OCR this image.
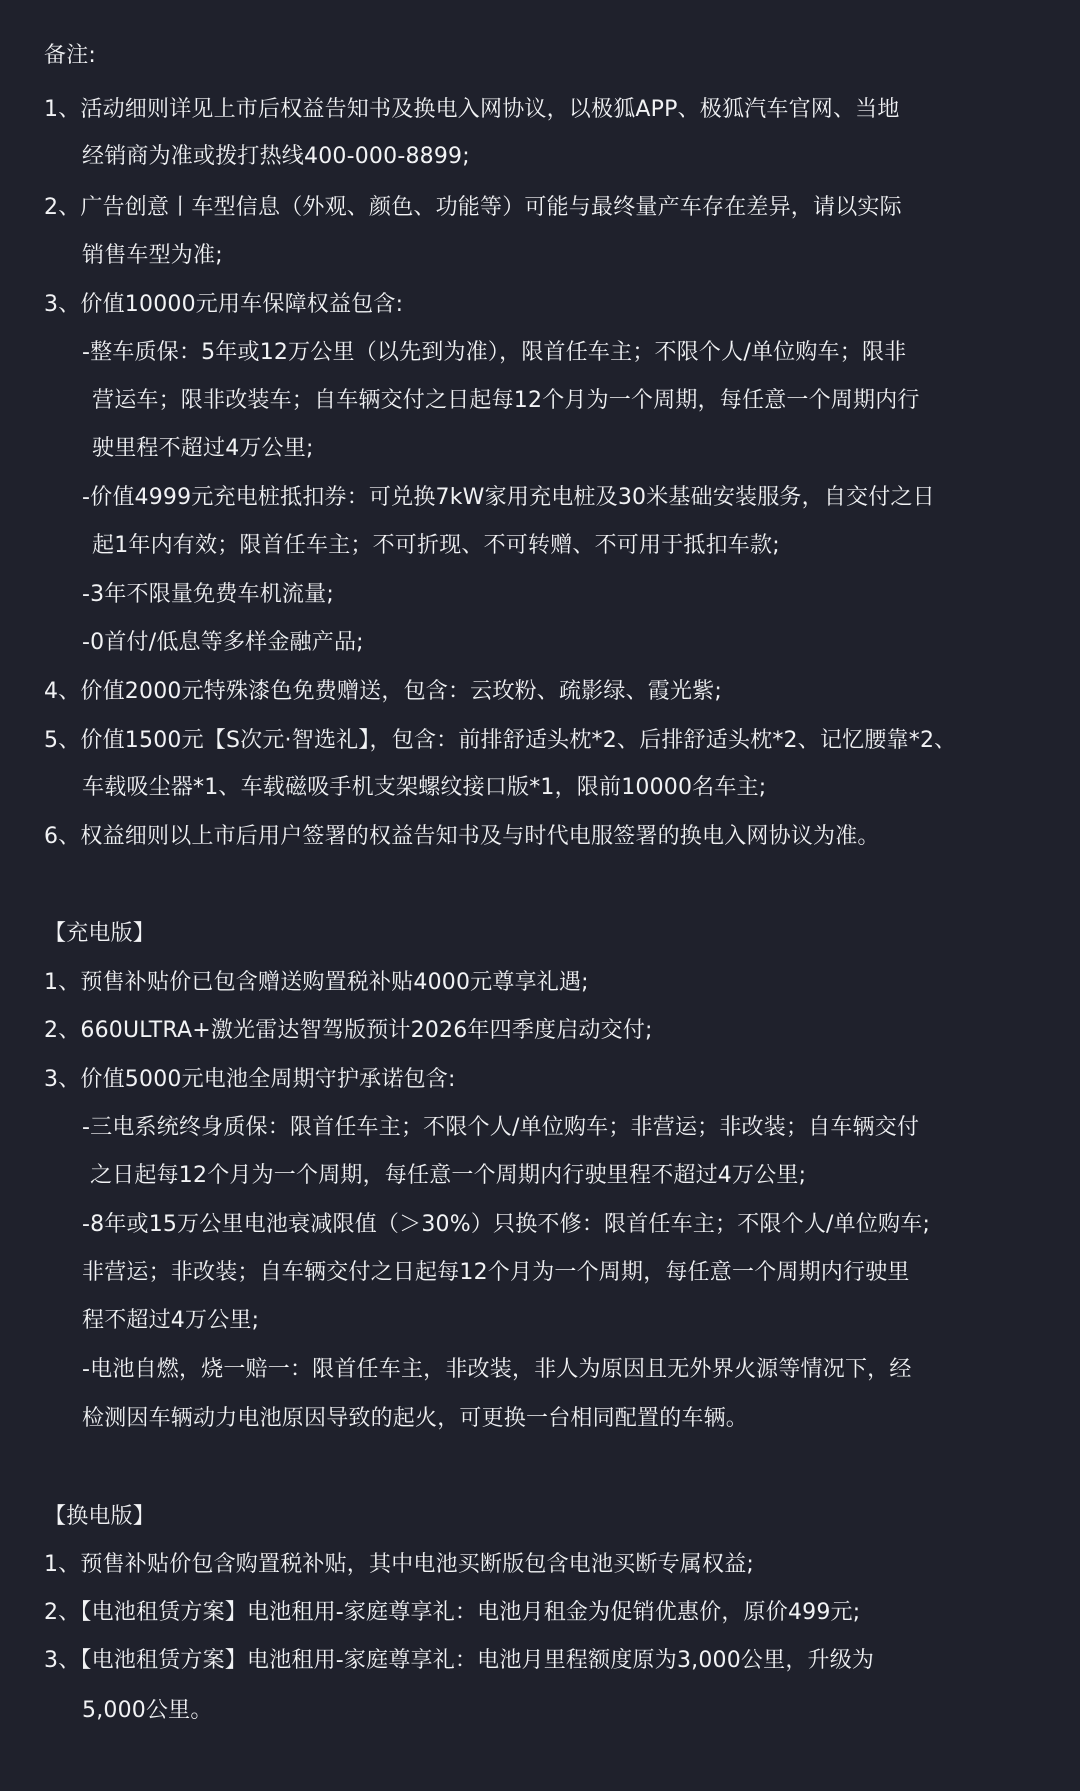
备注:
1、活动细则详见上市后权益告知书及换电入网协议，以极狐APP、极狐汽车官网、当地
经销商为准或拨打热线400-000-8899;
2、广告创意丨车型信息（外观、颜色、功能等）可能与最终量产车存在差异，请以实际
销售车型为准;
3、价值10000元用车保障权益包含:
-整车质保：5年或12万公里（以先到为准），限首任车主；不限个人/单位购车；限非
营运车；限非改装车；自车辆交付之日起每12个月为一个周期，每任意一个周期内行
驶里程不超过4万公里;
-价值4999元充电桩抵扣券：可兑换7kW家用充电桩及30米基础安装服务，自交付之日
起1年内有效；限首任车主；不可折现、不可转赠、不可用于抵扣车款;
-3年不限量免费车机流量;
-0首付/低息等多样金融产品;
4、价值2000元特殊漆色免费赠送，包含：云玫粉、疏影绿、霞光紫;
5、价值1500元【S次元·智选礼】，包含：前排舒适头枕*2、后排舒适头枕*2、记忆腰靠*2、
车载吸尘器*1、车载磁吸手机支架螺纹接口版*1，限前10000名车主;
6、权益细则以上市后用户签署的权益告知书及与时代电服签署的换电入网协议为准。
【充电版】
1、预售补贴价已包含赠送购置税补贴4000元尊享礼遇;
2、660ULTRA+激光雷达智驾版预计2026年四季度启动交付;
3、价值5000元电池全周期守护承诺包含:
-三电系统终身质保：限首任车主；不限个人/单位购车；非营运；非改装；自车辆交付
之日起每12个月为一个周期，每任意一个周期内行驶里程不超过4万公里;
-8年或15万公里电池衰减限值（＞30%）只换不修：限首任车主；不限个人/单位购车;
非营运；非改装；自车辆交付之日起每12个月为一个周期，每任意一个周期内行驶里
程不超过4万公里;
-电池自燃，烧一赔一：限首任车主，非改装，非人为原因且无外界火源等情况下，经
检测因车辆动力电池原因导致的起火，可更换一台相同配置的车辆。
【换电版】
1、预售补贴价包含购置税补贴，其中电池买断版包含电池买断专属权益;
2、【电池租赁方案】电池租用-家庭尊享礼：电池月租金为促销优惠价，原价499元;
3、【电池租赁方案】电池租用-家庭尊享礼：电池月里程额度原为3,000公里，升级为
5,000公里。
